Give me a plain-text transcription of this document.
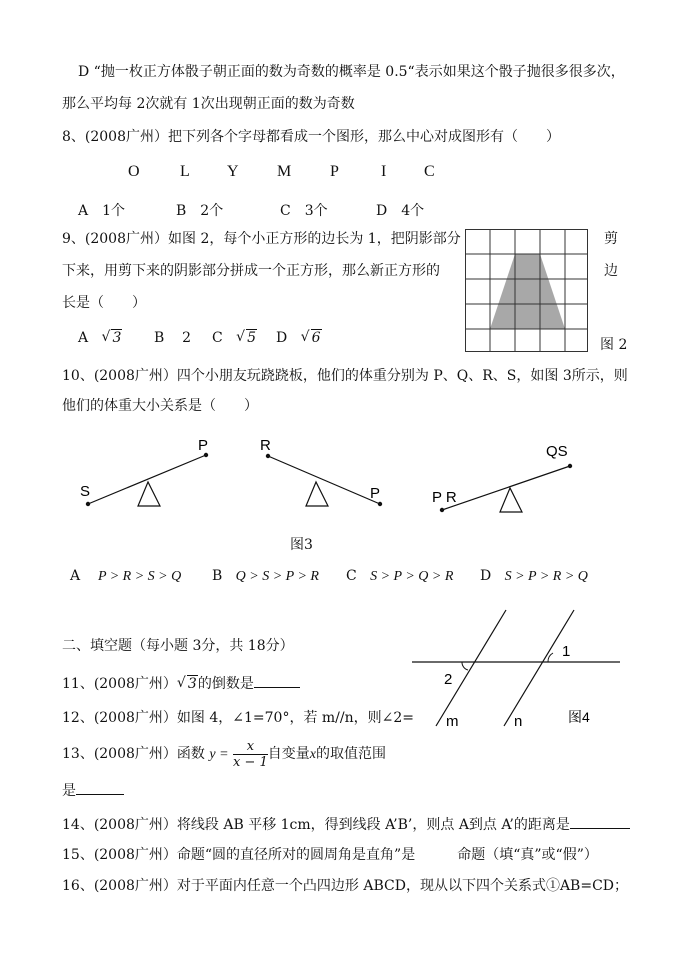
D “抛一枚正方体骰子朝正面的数为奇数的概率是 0.5“表示如果这个骰子抛很多很多次，
那么平均每 2次就有 1次出现朝正面的数为奇数
8、(2008广州）把下列各个字母都看成一个图形，那么中心对成图形有（　　）
O	L Y M P	I C
A　1个	B　2个	C　3个	D　4个
9、(2008广州）如图 2，每个小正方形的边长为 1，把阴影部分	剪
下来，用剪下来的阴影部分拼成一个正方形，那么新正方形的	边
长是（　　）
图 2
A √ 3 B 2 C √ 5 D √ 6
10、(2008广州）四个小朋友玩跷跷板，他们的体重分别为 P、Q、R、S，如图 3所示，则
他们的体重大小关系是（　　）
S
P	R
P	P R
QS
图3
A P > R > S > Q B Q > S > P > R C S > P > Q > R D S > P > R > Q
二、填空题（每小题 3分，共 18分）	1
2
m	n	图4
11、(2008广州） √ 3的倒数是
12、(2008广州）如图 4，∠1=70°，若 m//n，则∠2=
13、(2008广州）函数 $y = \frac{x}{x - 1}$ 自变量x的取值范围
是
14、(2008广州）将线段 AB 平移 1cm，得到线段 A’B’，则点 A到点 A’的距离是
15、(2008广州）命题“圆的直径所对的圆周角是直角”是　　　命题（填“真”或“假”）
16、(2008广州）对于平面内任意一个凸四边形 ABCD，现从以下四个关系式①AB=CD；
